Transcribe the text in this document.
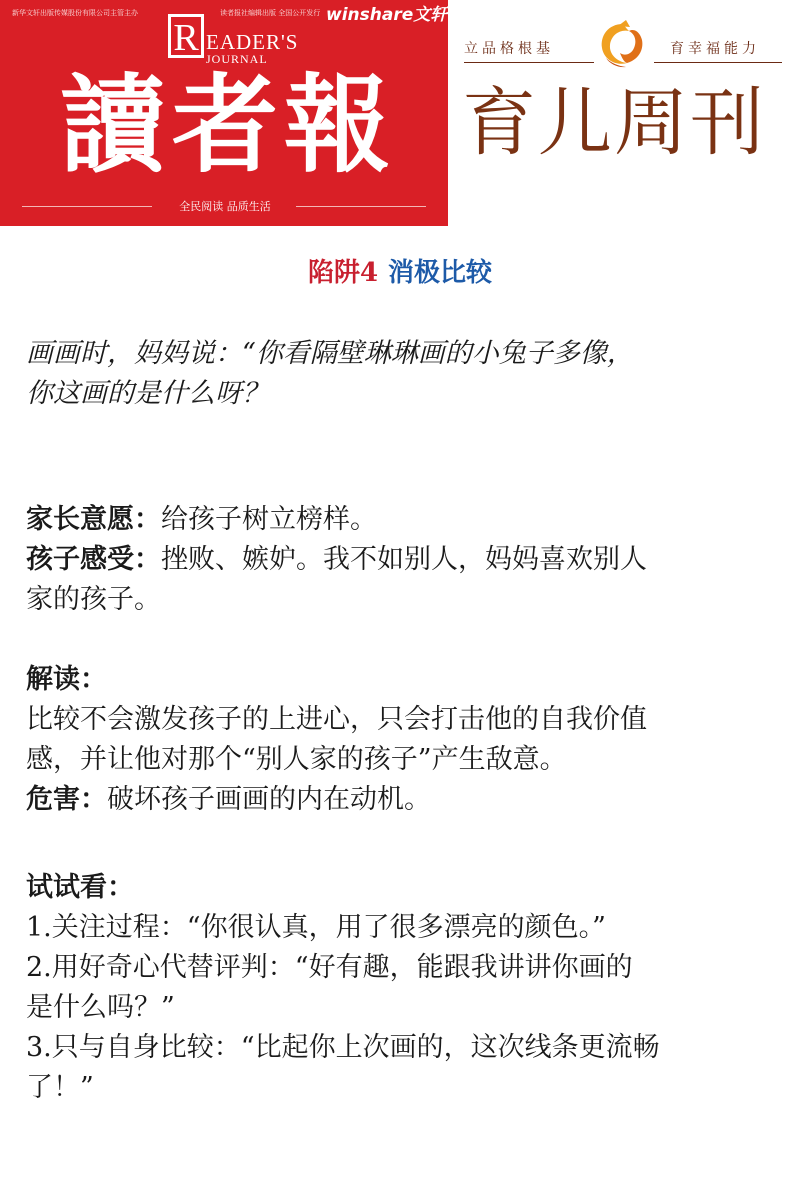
新华文轩出版传媒股份有限公司主管主办	读者报社编辑出版 全国公开发行 winshare文轩
R EADER'S
JOURNAL
讀者報
全民阅读 品质生活
立品格根基	育幸福能力
育儿周刊
陷阱4 消极比较
画画时，妈妈说：“你看隔壁琳琳画的小兔子多像，
你这画的是什么呀？

家长意愿：给孩子树立榜样。

孩子感受：挫败、嫉妒。我不如别人，妈妈喜欢别人

家的孩子。

解读：

比较不会激发孩子的上进心，只会打击他的自我价值

感，并让他对那个“别人家的孩子”产生敌意。

危害：破坏孩子画画的内在动机。

试试看：

1.关注过程：“你很认真，用了很多漂亮的颜色。”

2.用好奇心代替评判：“好有趣，能跟我讲讲你画的

是什么吗？”

3.只与自身比较：“比起你上次画的，这次线条更流畅

了！”
